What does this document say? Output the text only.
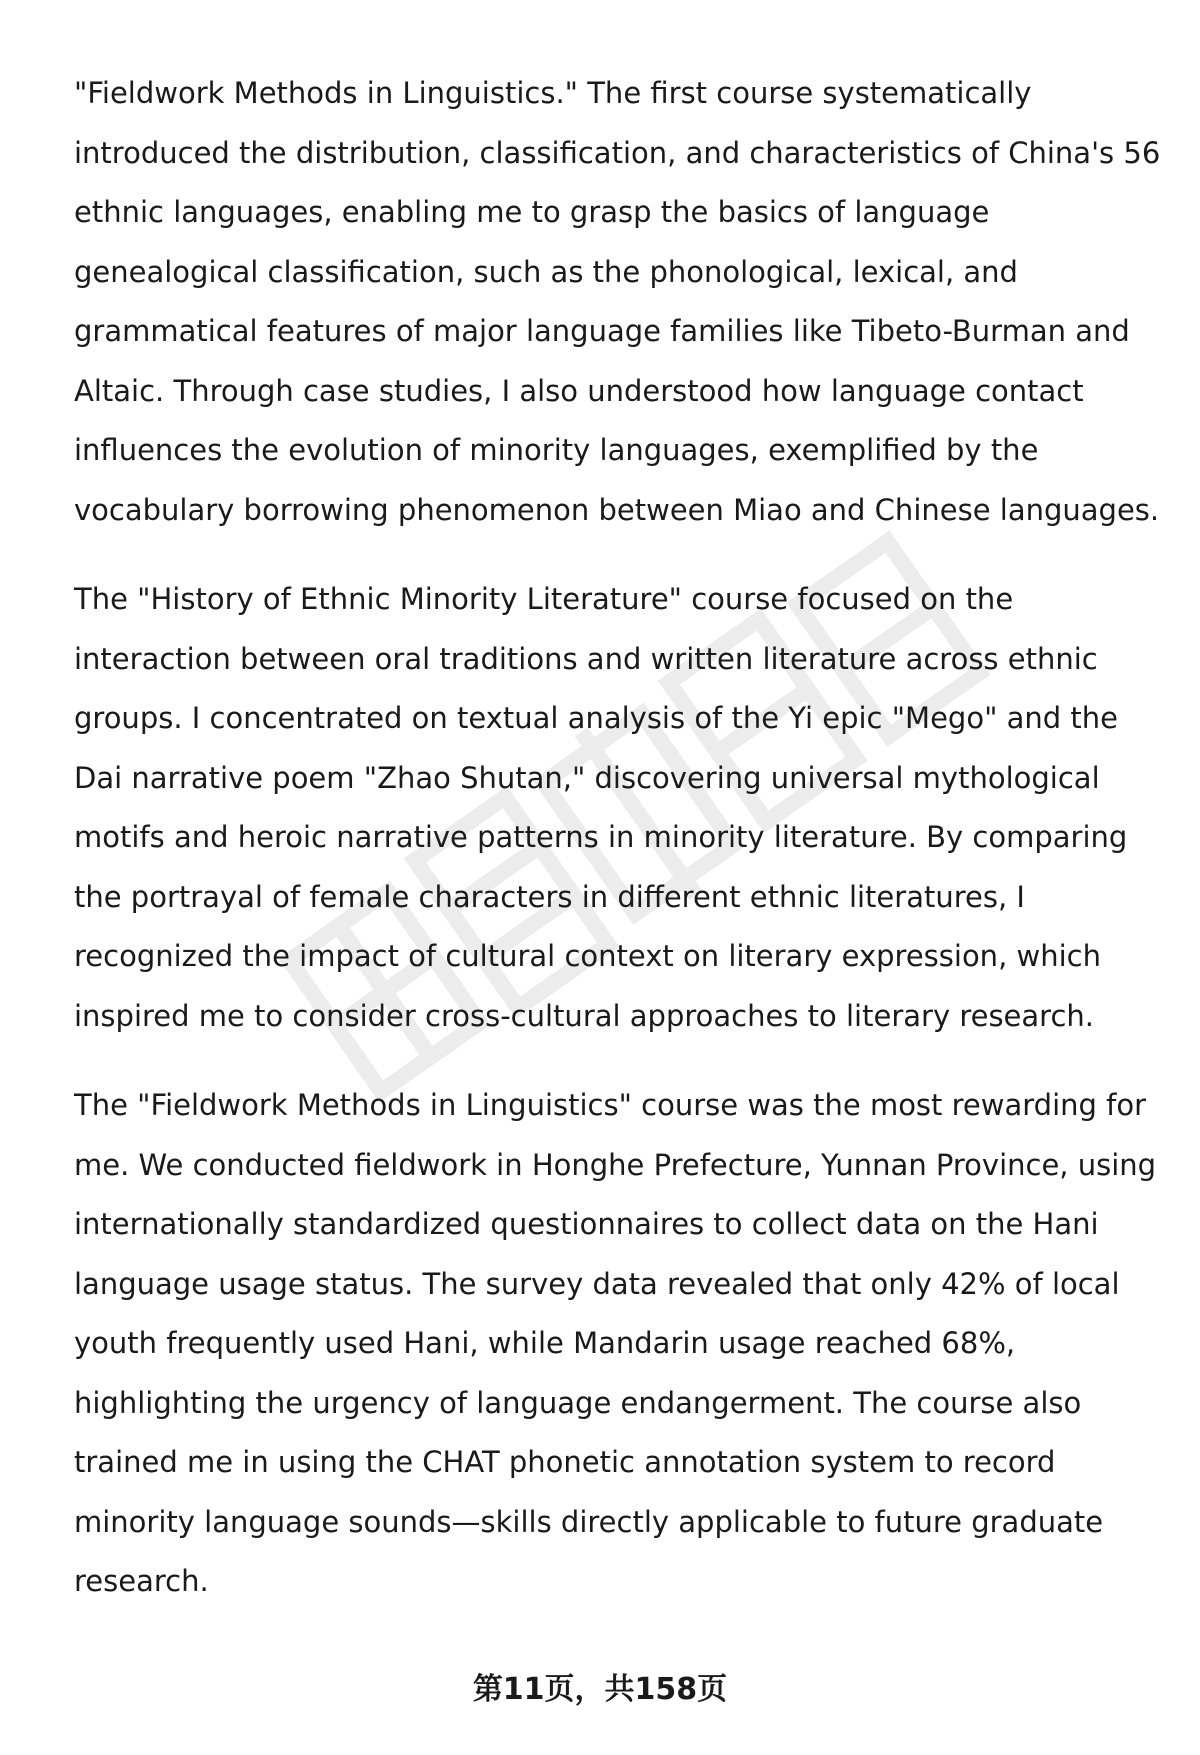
"Fieldwork Methods in Linguistics." The first course systematically introduced the distribution, classification, and characteristics of China's 56 ethnic languages, enabling me to grasp the basics of language genealogical classification, such as the phonological, lexical, and grammatical features of major language families like Tibeto-Burman and Altaic. Through case studies, I also understood how language contact influences the evolution of minority languages, exemplified by the vocabulary borrowing phenomenon between Miao and Chinese languages.

The "History of Ethnic Minority Literature" course focused on the interaction between oral traditions and written literature across ethnic groups. I concentrated on textual analysis of the Yi epic "Mego" and the Dai narrative poem "Zhao Shutan," discovering universal mythological motifs and heroic narrative patterns in minority literature. By comparing the portrayal of female characters in different ethnic literatures, I recognized the impact of cultural context on literary expression, which inspired me to consider cross-cultural approaches to literary research.

The "Fieldwork Methods in Linguistics" course was the most rewarding for me. We conducted fieldwork in Honghe Prefecture, Yunnan Province, using internationally standardized questionnaires to collect data on the Hani language usage status. The survey data revealed that only 42% of local youth frequently used Hani, while Mandarin usage reached 68%, highlighting the urgency of language endangerment. The course also trained me in using the CHAT phonetic annotation system to record minority language sounds—skills directly applicable to future graduate research.

第11页，共158页
